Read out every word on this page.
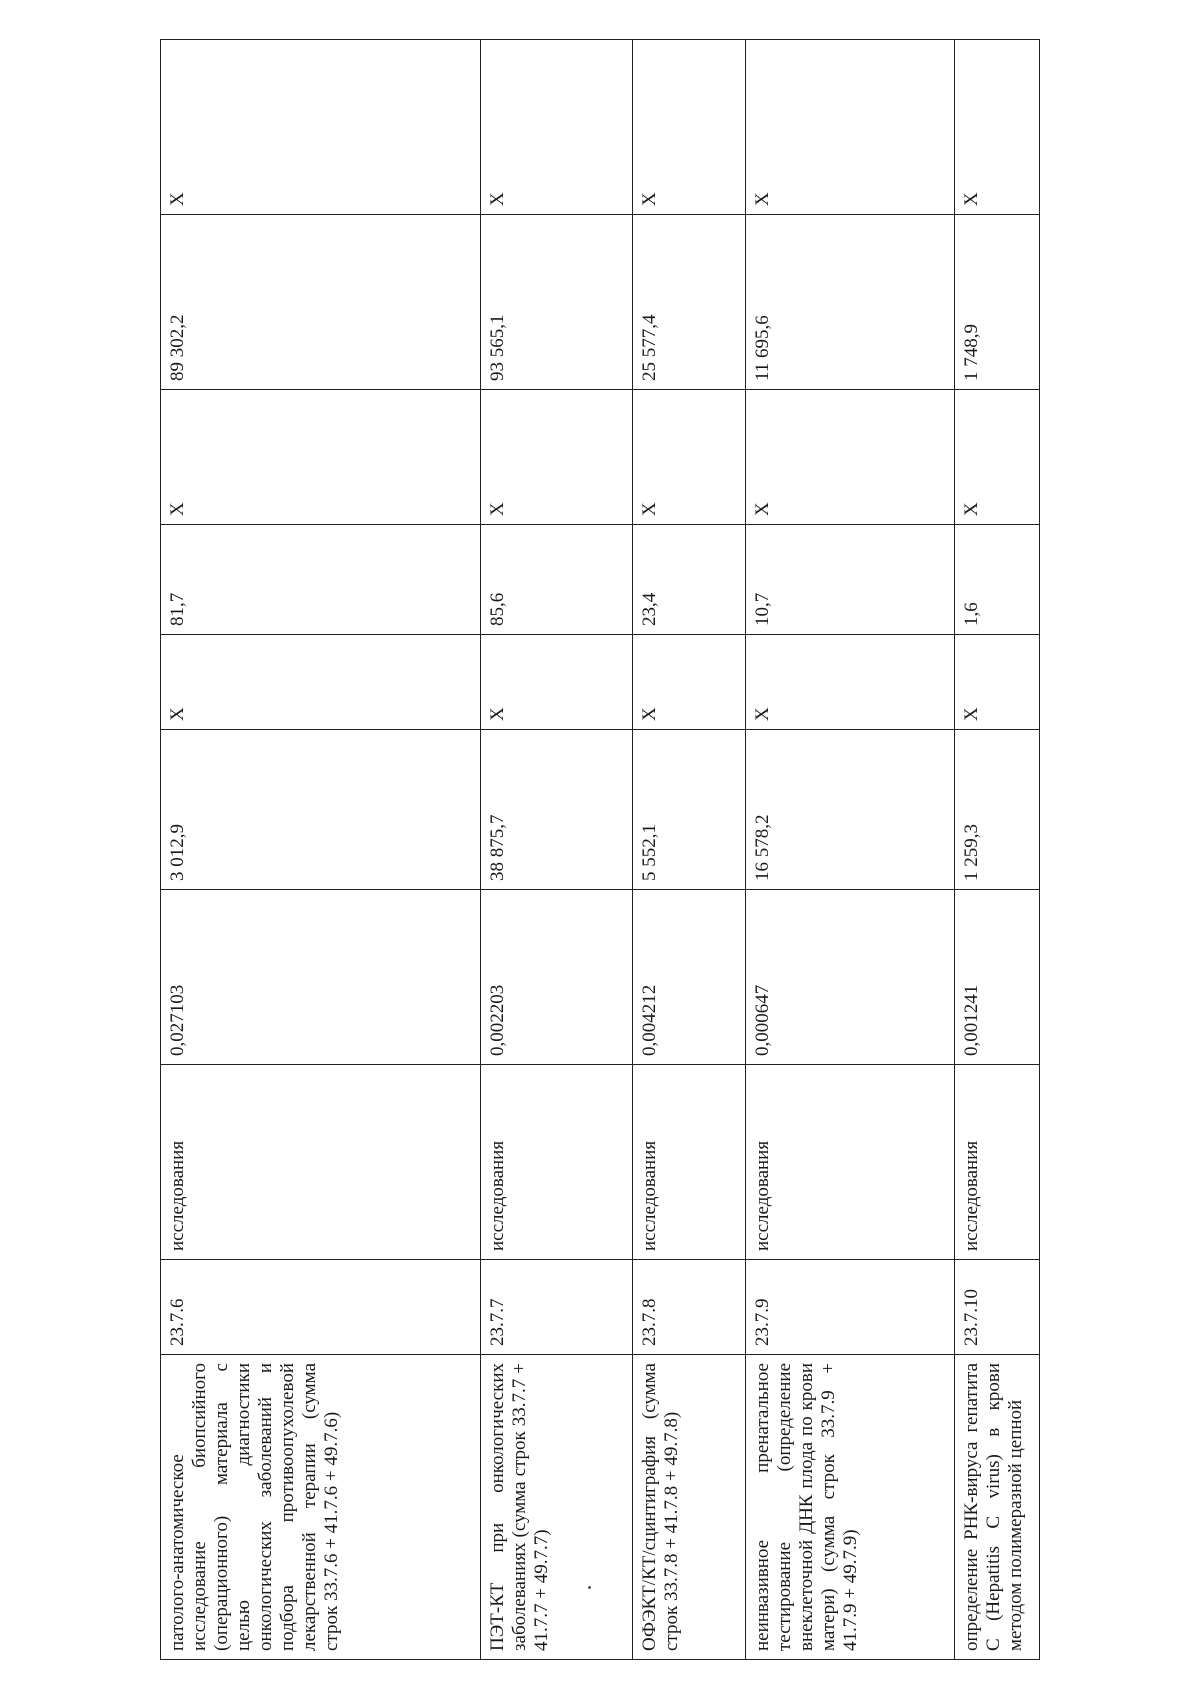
патолого-анатомическое исследование биопсийного (операционного) материала с целью диагностики онкологических заболеваний и подбора противоопухолевой лекарственной терапии (сумма строк 33.7.6 + 41.7.6 + 49.7.6)	23.7.6	исследования	0,027103	3 012,9	X	81,7	X	89 302,2	X
ПЭТ-КТ при онкологических заболеваниях (сумма строк 33.7.7 + 41.7.7 + 49.7.7)	23.7.7	исследования	0,002203	38 875,7	X	85,6	X	93 565,1	X
ОФЭКТ/КТ/сцинтиграфия (сумма строк 33.7.8 + 41.7.8 + 49.7.8)	23.7.8	исследования	0,004212	5 552,1	X	23,4	X	25 577,4	X
неинвазивное пренатальное тестирование (определение внеклеточной ДНК плода по крови матери) (сумма строк 33.7.9 + 41.7.9 + 49.7.9)	23.7.9	исследования	0,000647	16 578,2	X	10,7	X	11 695,6	X
определение РНК-вируса гепатита С (Hepatitis C virus) в крови методом полимеразной цепной	23.7.10	исследования	0,001241	1 259,3	X	1,6	X	1 748,9	X
